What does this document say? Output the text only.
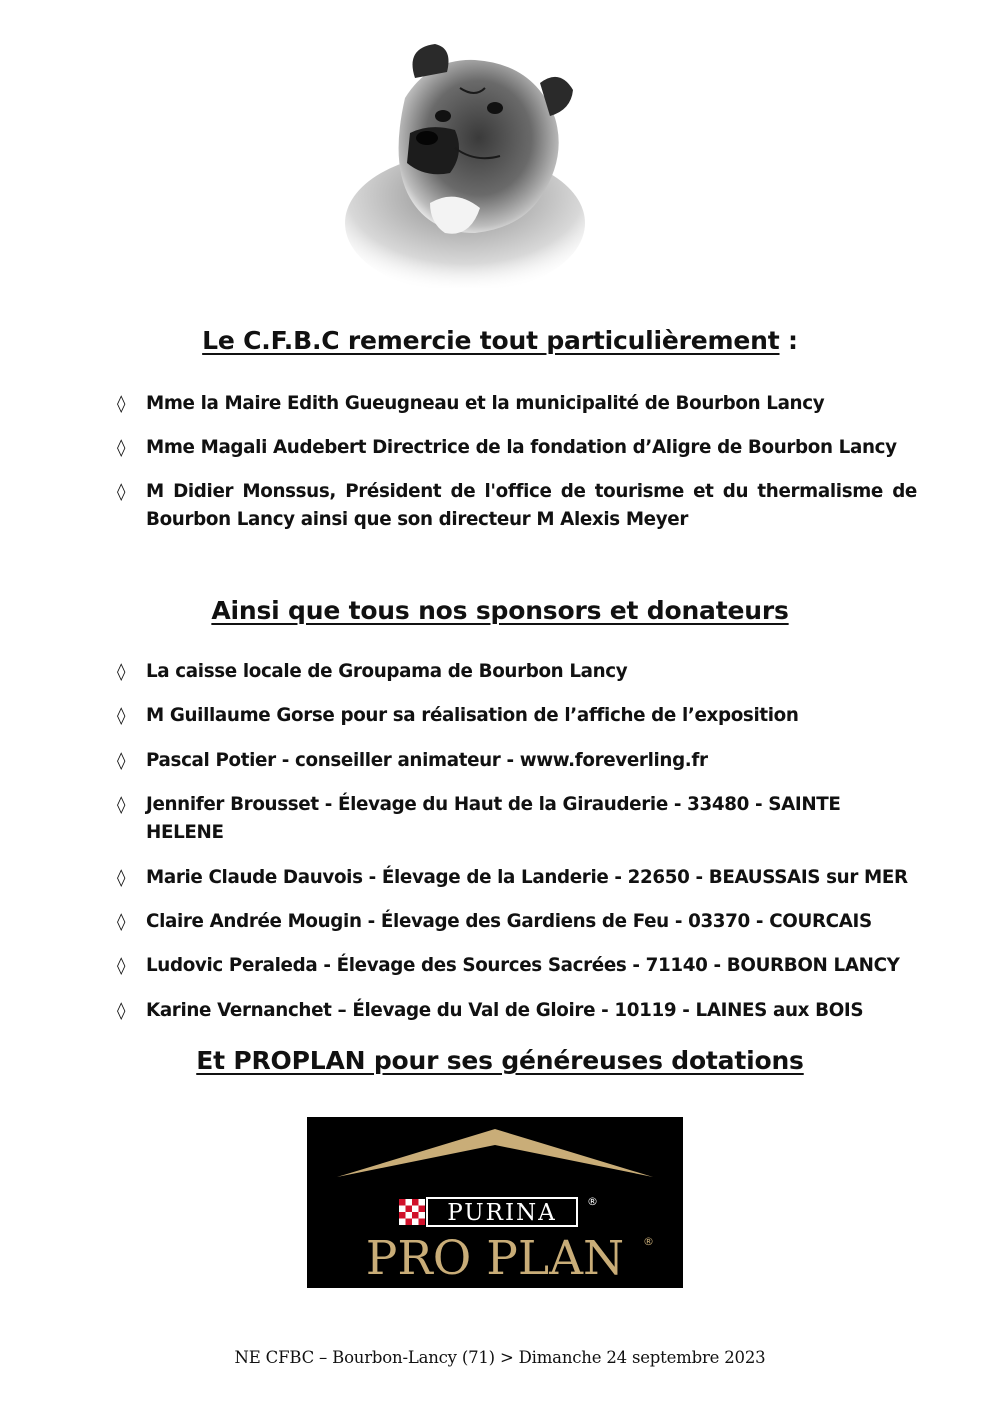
Le C.F.B.C remercie tout particulièrement :
◊ Mme la Maire Edith Gueugneau et la municipalité de Bourbon Lancy
◊ Mme Magali Audebert Directrice de la fondation d’Aligre de Bourbon Lancy
◊ M Didier Monssus, Président de l'office de tourisme et du thermalisme de Bourbon Lancy ainsi que son directeur M Alexis Meyer
Ainsi que tous nos sponsors et donateurs
◊ La caisse locale de Groupama de Bourbon Lancy
◊ M Guillaume Gorse pour sa réalisation de l’affiche de l’exposition
◊ Pascal Potier - conseiller animateur - www.foreverling.fr
◊ Jennifer Brousset - Élevage du Haut de la Girauderie - 33480 - SAINTE HELENE
◊ Marie Claude Dauvois - Élevage de la Landerie - 22650 - BEAUSSAIS sur MER
◊ Claire Andrée Mougin - Élevage des Gardiens de Feu - 03370 - COURCAIS
◊ Ludovic Peraleda - Élevage des Sources Sacrées - 71140 - BOURBON LANCY
◊ Karine Vernanchet – Élevage du Val de Gloire - 10119 - LAINES aux BOIS
Et PROPLAN pour ses généreuses dotations
PURINA	®
PRO PLAN ®
NE CFBC – Bourbon-Lancy (71) > Dimanche 24 septembre 2023
